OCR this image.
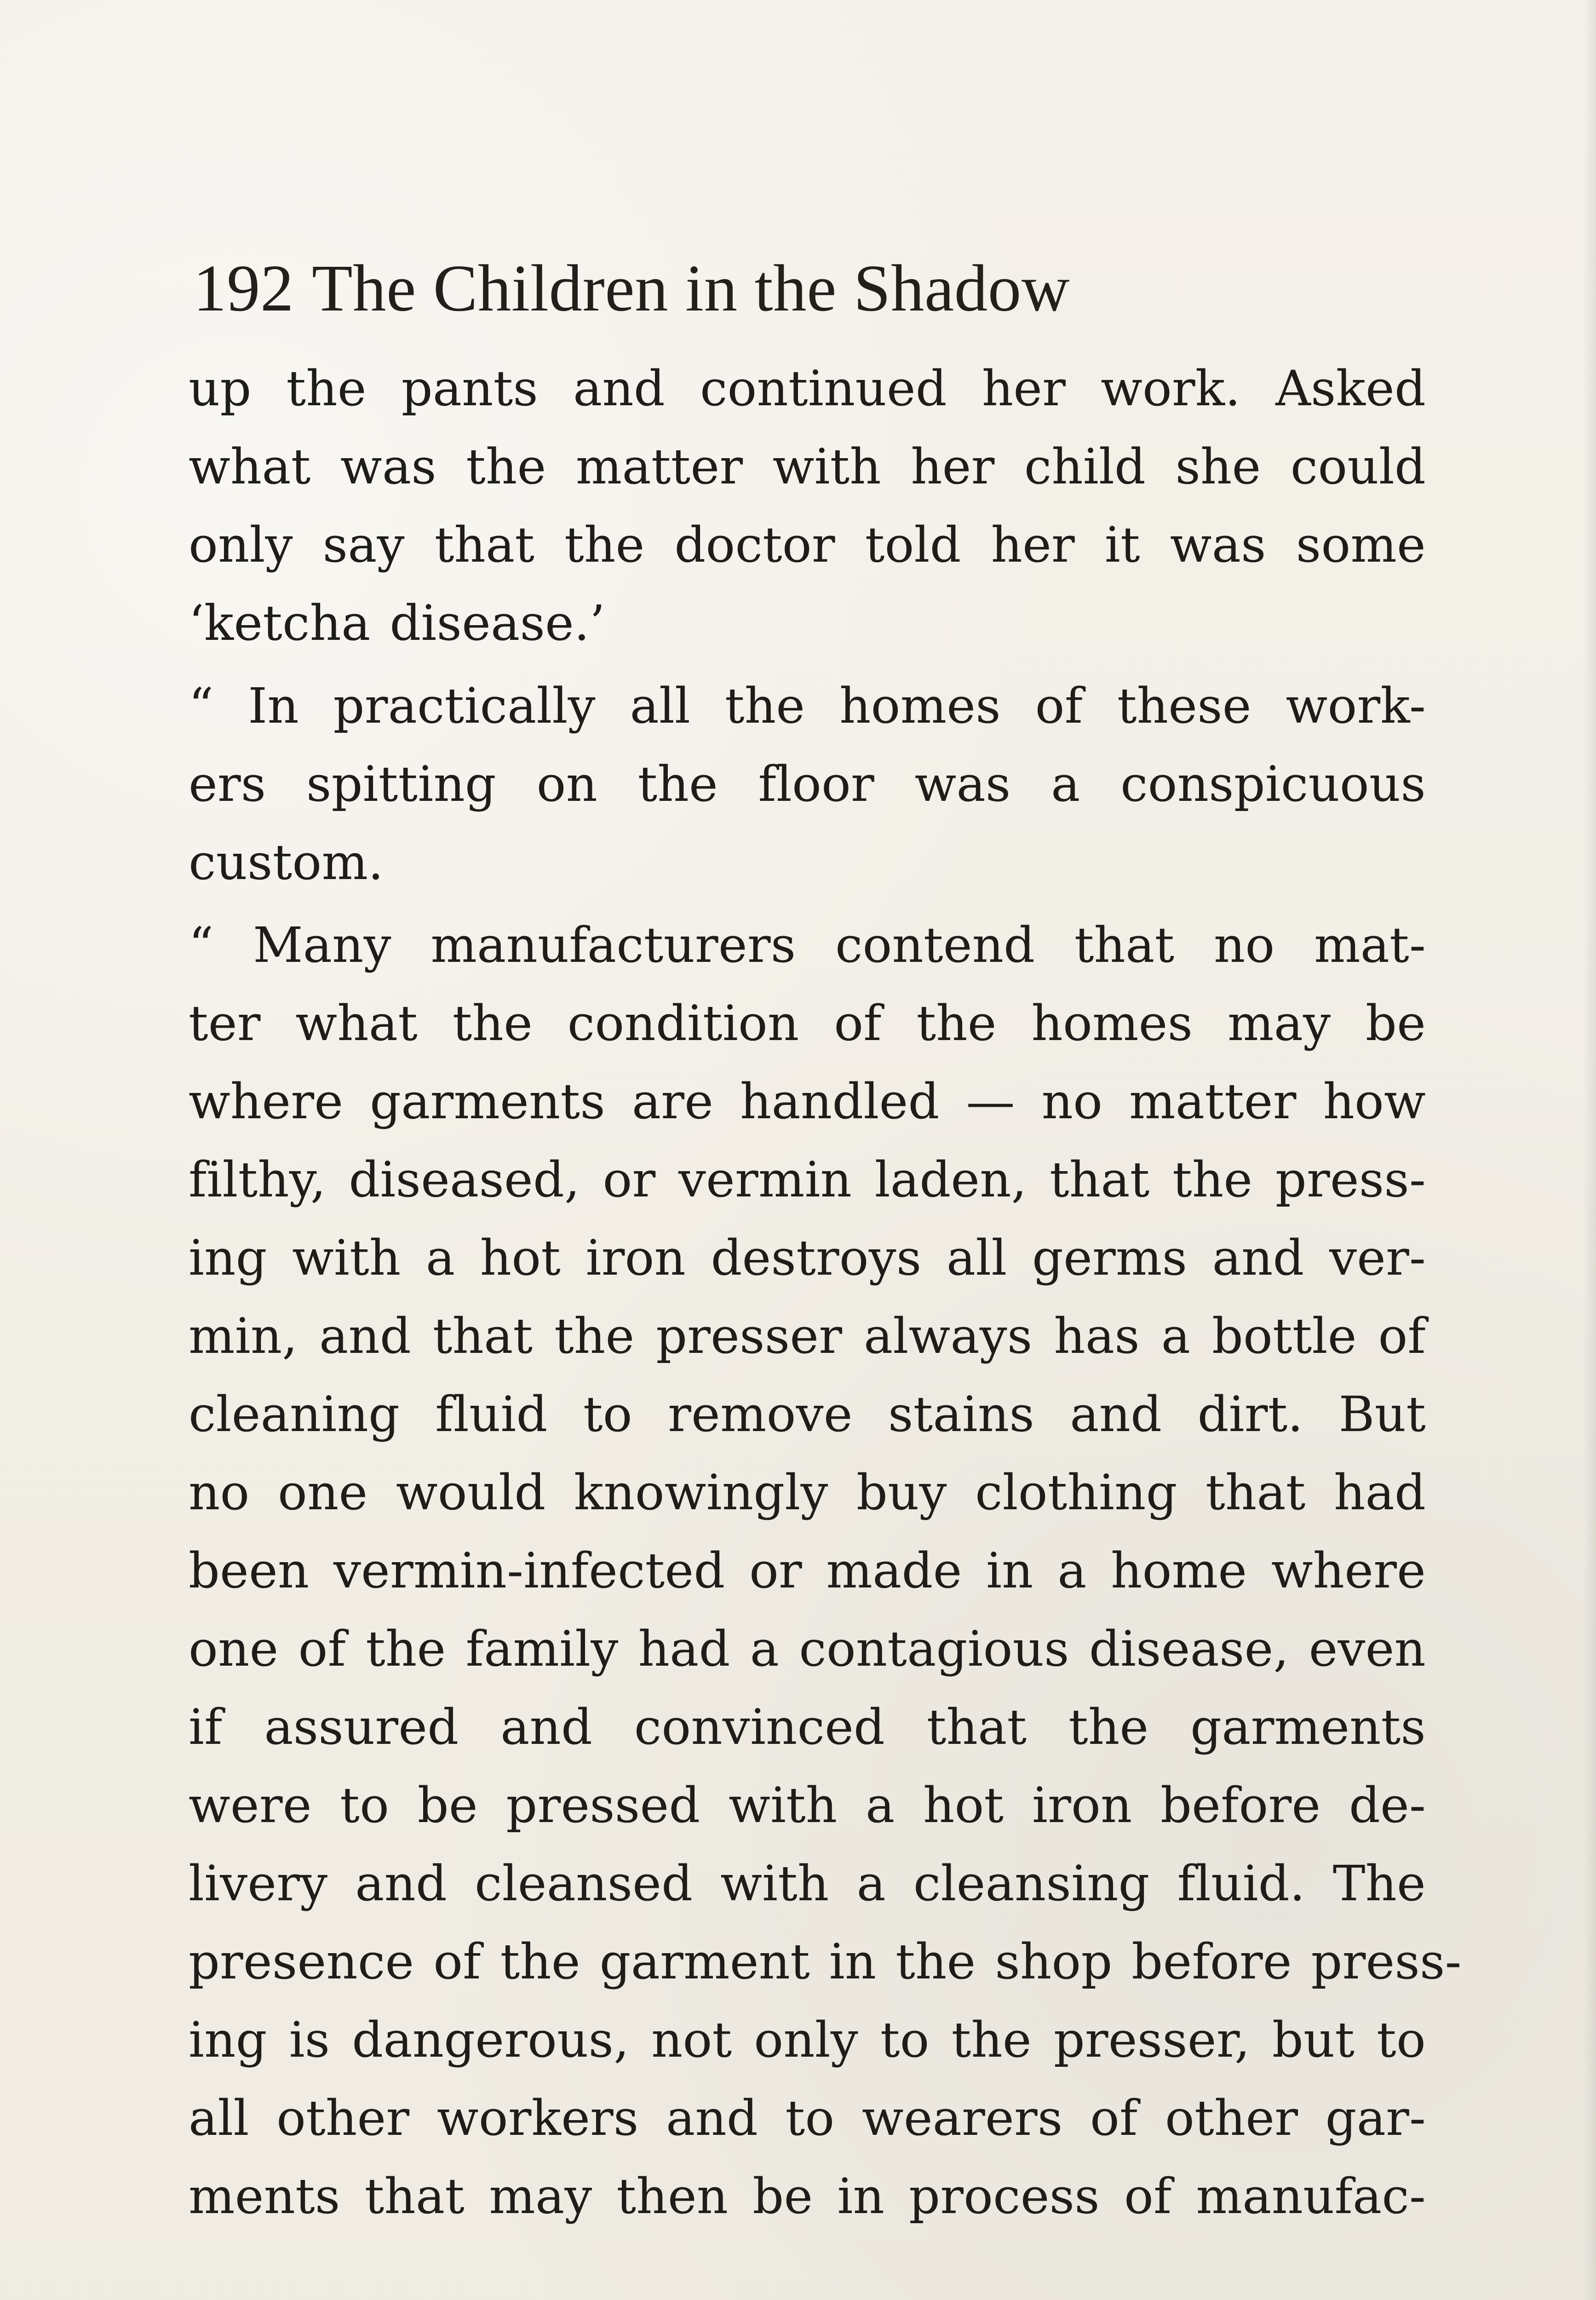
192 The Children in the Shadow
up the pants and continued her work. Asked
what was the matter with her child she could
only say that the doctor told her it was some
‘ketcha disease.’
“ In practically all the homes of these work-
ers spitting on the floor was a conspicuous
custom.
“ Many manufacturers contend that no mat-
ter what the condition of the homes may be
where garments are handled — no matter how
filthy, diseased, or vermin laden, that the press-
ing with a hot iron destroys all germs and ver-
min, and that the presser always has a bottle of
cleaning fluid to remove stains and dirt. But
no one would knowingly buy clothing that had
been vermin-infected or made in a home where
one of the family had a contagious disease, even
if assured and convinced that the garments
were to be pressed with a hot iron before de-
livery and cleansed with a cleansing fluid. The
presence of the garment in the shop before press-
ing is dangerous, not only to the presser, but to
all other workers and to wearers of other gar-
ments that may then be in process of manufac-
